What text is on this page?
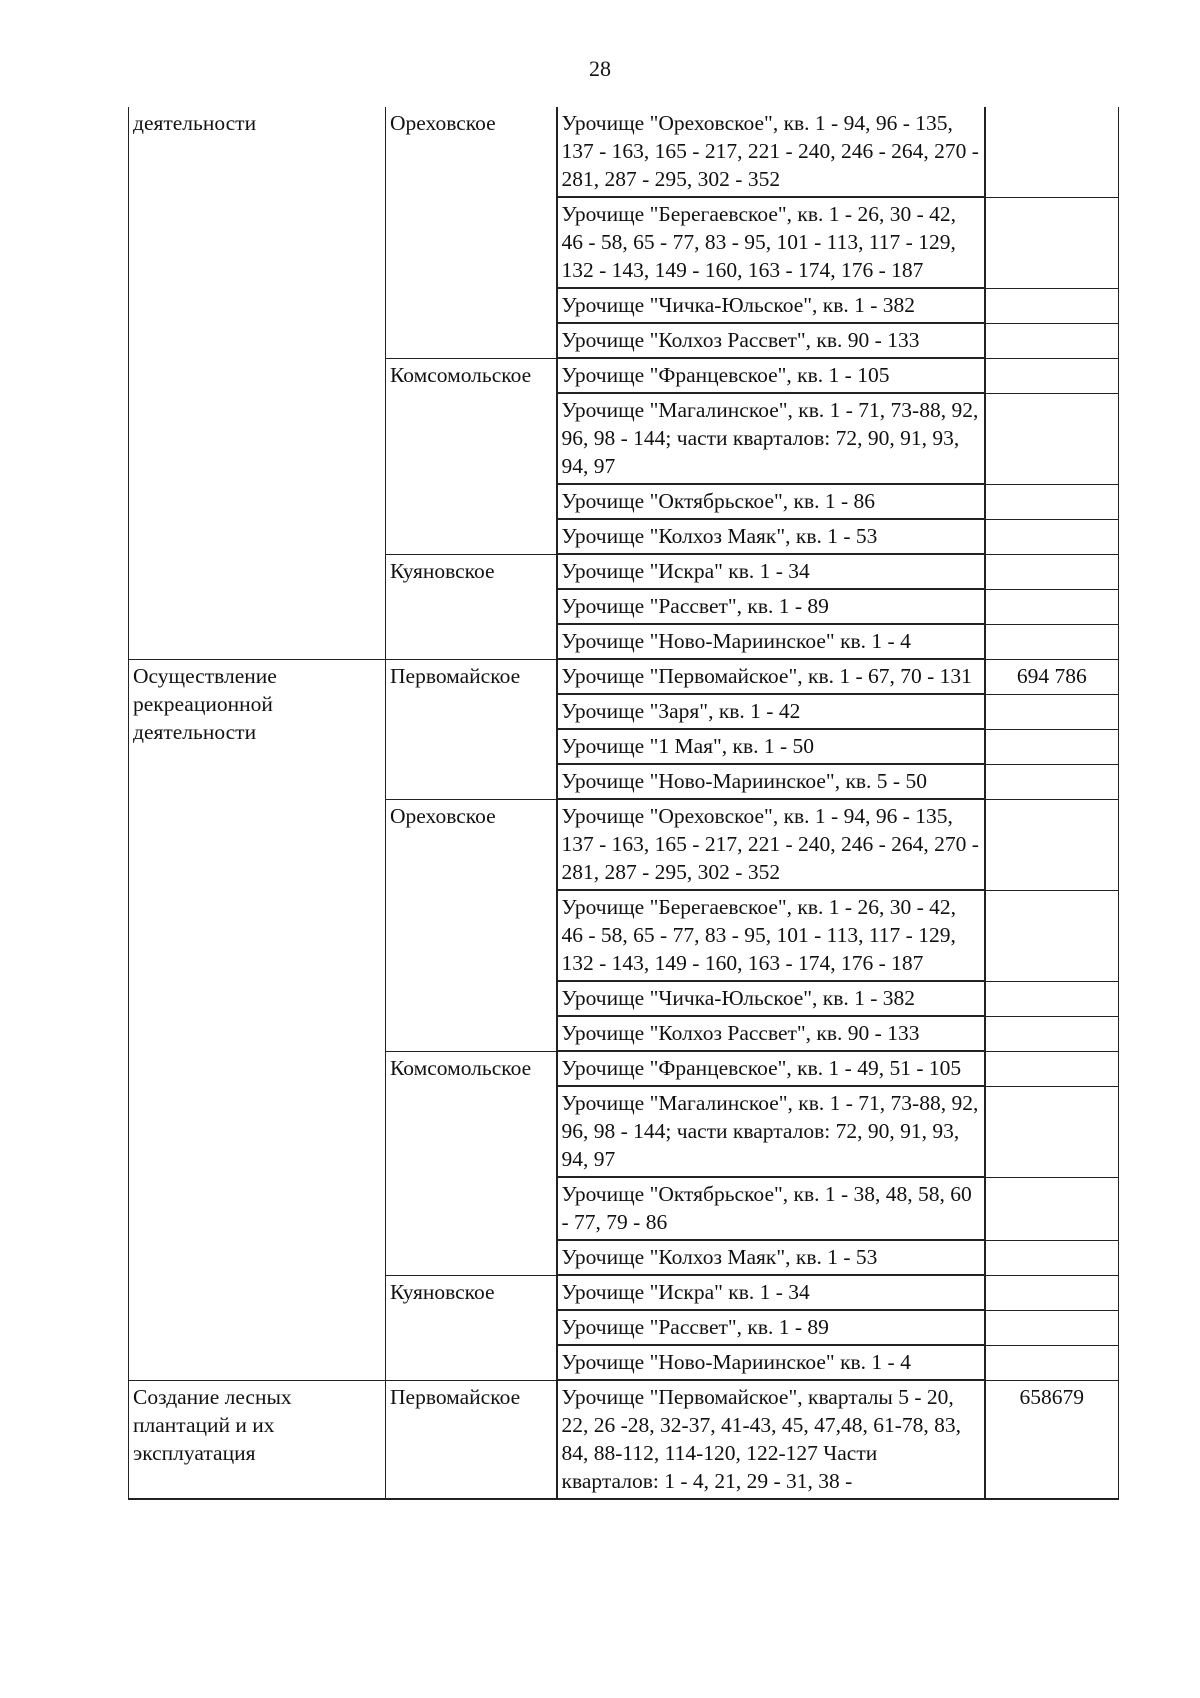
28
деятельности	Ореховское	Урочище "Ореховское", кв. 1 - 94, 96 - 135, 137 - 163, 165 - 217, 221 - 240, 246 - 264, 270 - 281, 287 - 295, 302 - 352	
		Урочище "Берегаевское", кв. 1 - 26, 30 - 42, 46 - 58, 65 - 77, 83 - 95, 101 - 113, 117 - 129, 132 - 143, 149 - 160, 163 - 174, 176 - 187	
		Урочище "Чичка-Юльское", кв. 1 - 382	
		Урочище "Колхоз Рассвет", кв. 90 - 133	
	Комсомольское	Урочище "Францевское", кв. 1 - 105	
		Урочище "Магалинское", кв. 1 - 71, 73-88, 92, 96, 98 - 144; части кварталов: 72, 90, 91, 93, 94, 97	
		Урочище "Октябрьское", кв. 1 - 86	
		Урочище "Колхоз Маяк", кв. 1 - 53	
	Куяновское	Урочище "Искра" кв. 1 - 34	
		Урочище "Рассвет", кв. 1 - 89	
		Урочище "Ново-Мариинское" кв. 1 - 4	
Осуществление рекреационной деятельности	Первомайское	Урочище "Первомайское", кв. 1 - 67, 70 - 131	694 786
		Урочище "Заря", кв. 1 - 42	
		Урочище "1 Мая", кв. 1 - 50	
		Урочище "Ново-Мариинское", кв. 5 - 50	
	Ореховское	Урочище "Ореховское", кв. 1 - 94, 96 - 135, 137 - 163, 165 - 217, 221 - 240, 246 - 264, 270 - 281, 287 - 295, 302 - 352	
		Урочище "Берегаевское", кв. 1 - 26, 30 - 42, 46 - 58, 65 - 77, 83 - 95, 101 - 113, 117 - 129, 132 - 143, 149 - 160, 163 - 174, 176 - 187	
		Урочище "Чичка-Юльское", кв. 1 - 382	
		Урочище "Колхоз Рассвет", кв. 90 - 133	
	Комсомольское	Урочище "Францевское", кв. 1 - 49, 51 - 105	
		Урочище "Магалинское", кв. 1 - 71, 73-88, 92, 96, 98 - 144; части кварталов: 72, 90, 91, 93, 94, 97	
		Урочище "Октябрьское", кв. 1 - 38, 48, 58, 60 - 77, 79 - 86	
		Урочище "Колхоз Маяк", кв. 1 - 53	
	Куяновское	Урочище "Искра" кв. 1 - 34	
		Урочище "Рассвет", кв. 1 - 89	
		Урочище "Ново-Мариинское" кв. 1 - 4	
Создание лесных плантаций и их эксплуатация	Первомайское	Урочище "Первомайское", кварталы 5 - 20, 22, 26 -28, 32-37, 41-43, 45, 47,48, 61-78, 83, 84, 88-112, 114-120, 122-127 Части кварталов: 1 - 4, 21, 29 - 31, 38 -	658679
